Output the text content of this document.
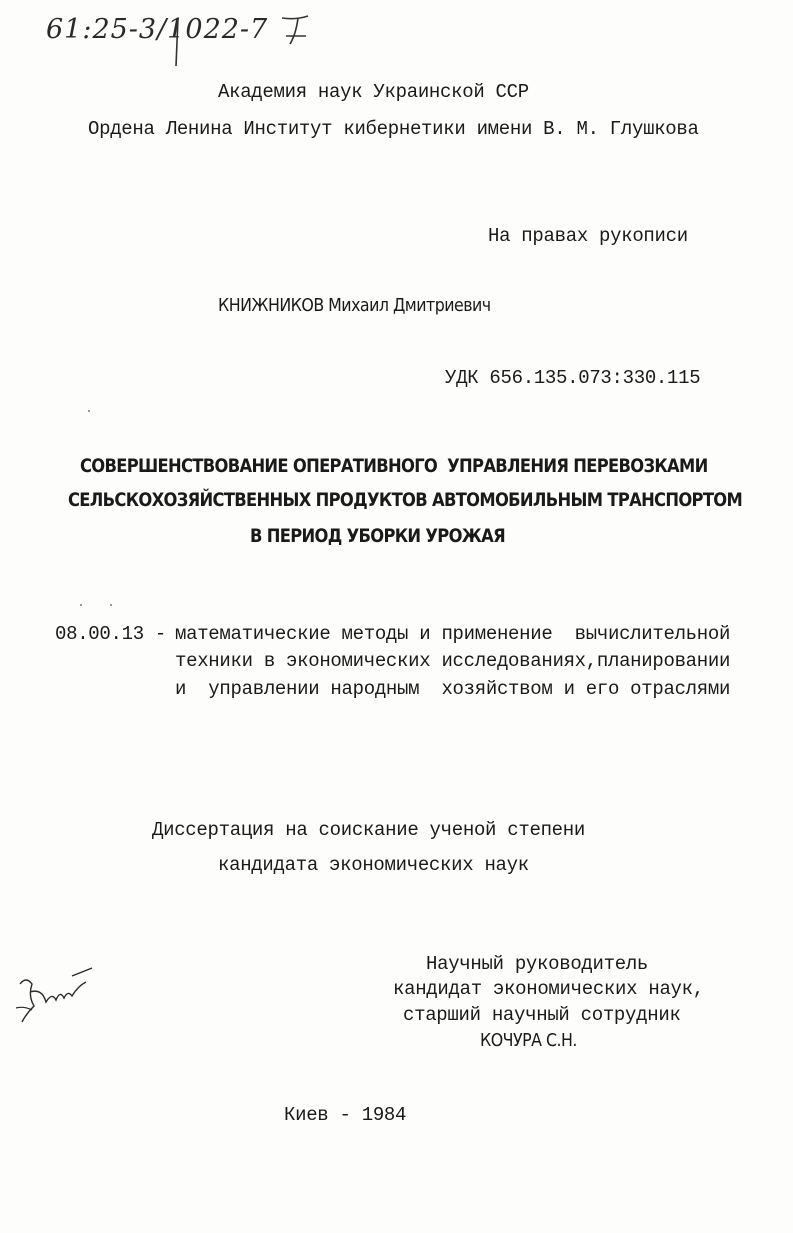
61:25-3/1022-7
Академия наук Украинской ССР
Ордена Ленина Институт кибернетики имени В. М. Глушкова
На правах рукописи
КНИЖНИКОВ Михаил Дмитриевич
УДК 656.135.073:330.115
СОВЕРШЕНСТВОВАНИЕ ОПЕРАТИВНОГО  УПРАВЛЕНИЯ ПЕРЕВОЗКАМИ
СЕЛЬСКОХОЗЯЙСТВЕННЫХ ПРОДУКТОВ АВТОМОБИЛЬНЫМ ТРАНСПОРТОМ
В ПЕРИОД УБОРКИ УРОЖАЯ
08.00.13 - математические методы и применение  вычислительной
техники в экономических исследованиях,планировании
и  управлении народным  хозяйством и его отраслями
Диссертация на соискание ученой степени
кандидата экономических наук
Научный руководитель
кандидат экономических наук,
старший научный сотрудник
КОЧУРА С.Н.
Киев - 1984
